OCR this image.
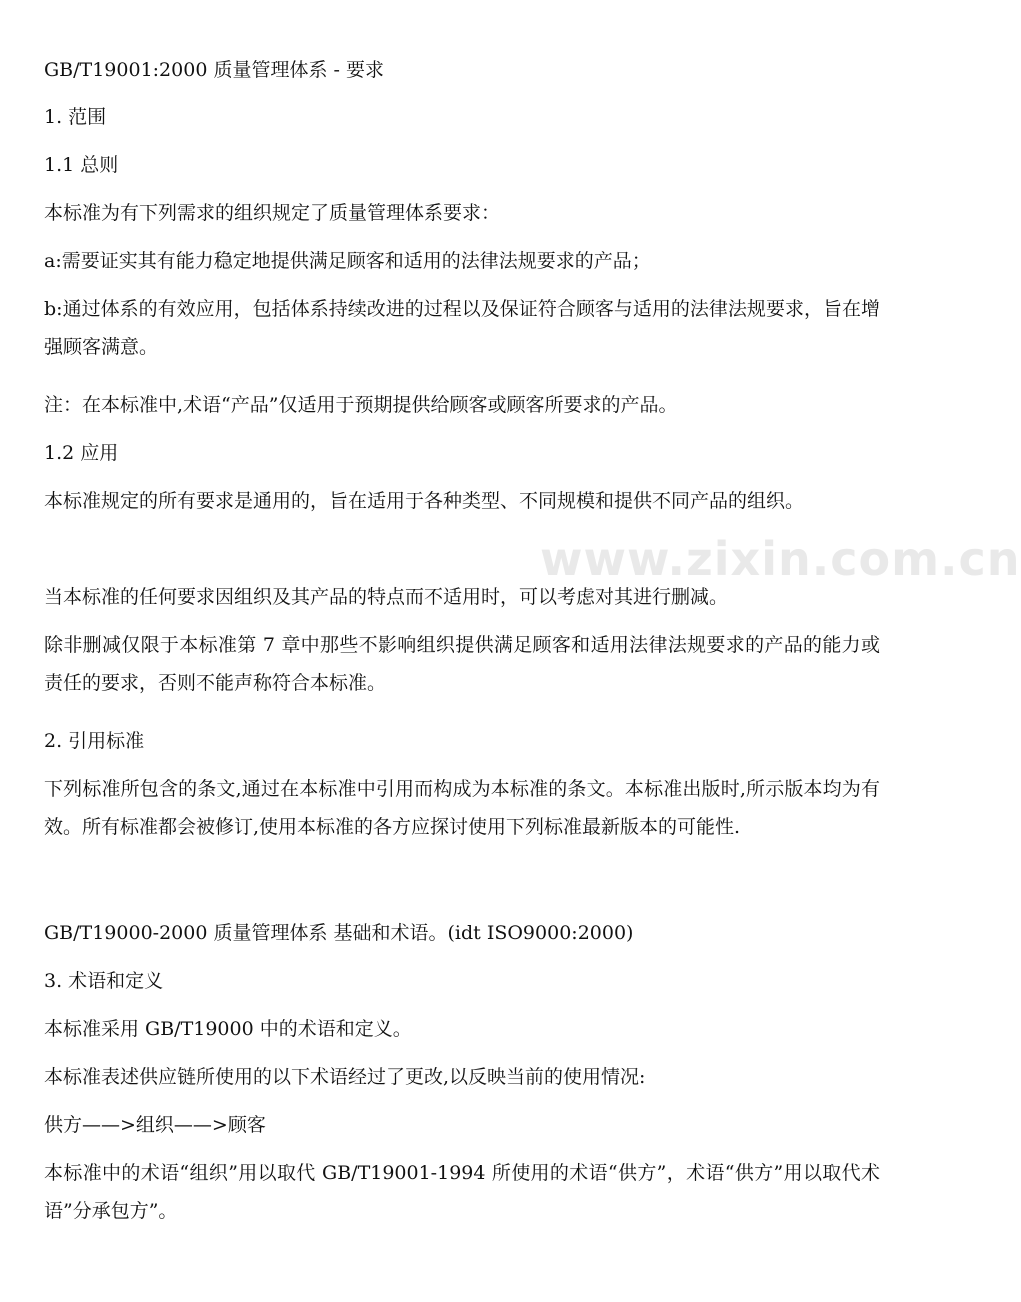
www.zixin.com.cn
GB/T19001:2000 质量管理体系 - 要求
1. 范围
1.1 总则
本标准为有下列需求的组织规定了质量管理体系要求：
a:需要证实其有能力稳定地提供满足顾客和适用的法律法规要求的产品；
b:通过体系的有效应用，包括体系持续改进的过程以及保证符合顾客与适用的法律法规要求，旨在增强顾客满意。
注：在本标准中,术语“产品”仅适用于预期提供给顾客或顾客所要求的产品。
1.2 应用
本标准规定的所有要求是通用的，旨在适用于各种类型、不同规模和提供不同产品的组织。
当本标准的任何要求因组织及其产品的特点而不适用时，可以考虑对其进行删减。
除非删减仅限于本标准第 7 章中那些不影响组织提供满足顾客和适用法律法规要求的产品的能力或责任的要求，否则不能声称符合本标准。
2. 引用标准
下列标准所包含的条文,通过在本标准中引用而构成为本标准的条文。本标准出版时,所示版本均为有效。所有标准都会被修订,使用本标准的各方应探讨使用下列标准最新版本的可能性.
GB/T19000-2000 质量管理体系 基础和术语。(idt ISO9000:2000)
3. 术语和定义
本标准采用 GB/T19000 中的术语和定义。
本标准表述供应链所使用的以下术语经过了更改,以反映当前的使用情况:
供方——>组织——>顾客
本标准中的术语“组织”用以取代 GB/T19001-1994 所使用的术语“供方”，术语“供方”用以取代术语”分承包方”。
